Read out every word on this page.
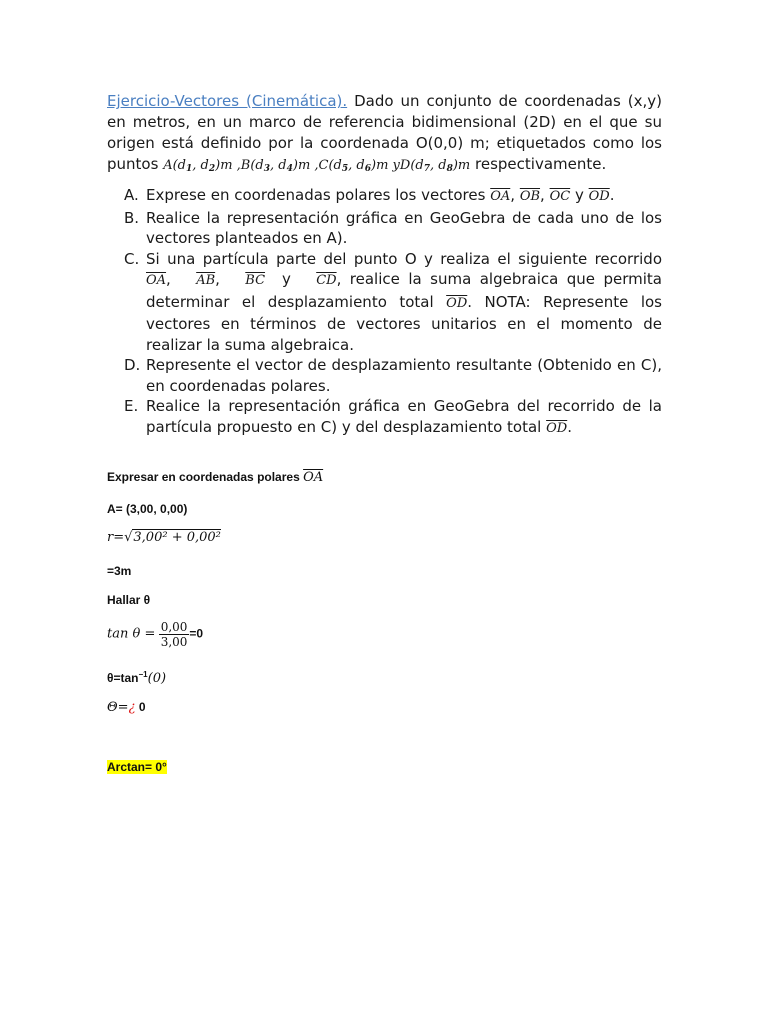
Ejercicio-Vectores (Cinemática). Dado un conjunto de coordenadas (x,y) en metros, en un marco de referencia bidimensional (2D) en el que su origen está definido por la coordenada O(0,0) m; etiquetados como los puntos $A(d_1$, $d_2)m$ $,B(d_3$, $d_4)m$ $,C(d_5$, $d_6)m$ $yD(d_7$, $d_8)m$ respectivamente.
A. Exprese en coordenadas polares los vectores $\overline{OA}$, $\overline{OB}$, $\overline{OC}$ y $\overline{OD}$.
B. Realice la representación gráfica en GeoGebra de cada uno de los vectores planteados en A).
C. Si una partícula parte del punto O y realiza el siguiente recorrido $\overline{OA}$,   $\overline{AB}$,   $\overline{BC}$  y   $\overline{CD}$, realice la suma algebraica que permita determinar el desplazamiento total $\overline{OD}$. NOTA: Represente los vectores en términos de vectores unitarios en el momento de realizar la suma algebraica.
D. Represente el vector de desplazamiento resultante (Obtenido en C), en coordenadas polares.
E. Realice la representación gráfica en GeoGebra del recorrido de la partícula propuesto en C) y del desplazamiento total $\overline{OD}$.
Expresar en coordenadas polares $\overline{OA}$
A= (3,00, 0,00)
r=√3,00² + 0,00²
=3m
Hallar θ
$\tan \theta = \frac{0,00}{3,00} =0$
$\theta=\tan^{-1}(0)$
Θ=¿ 0
Arctan= 0°
